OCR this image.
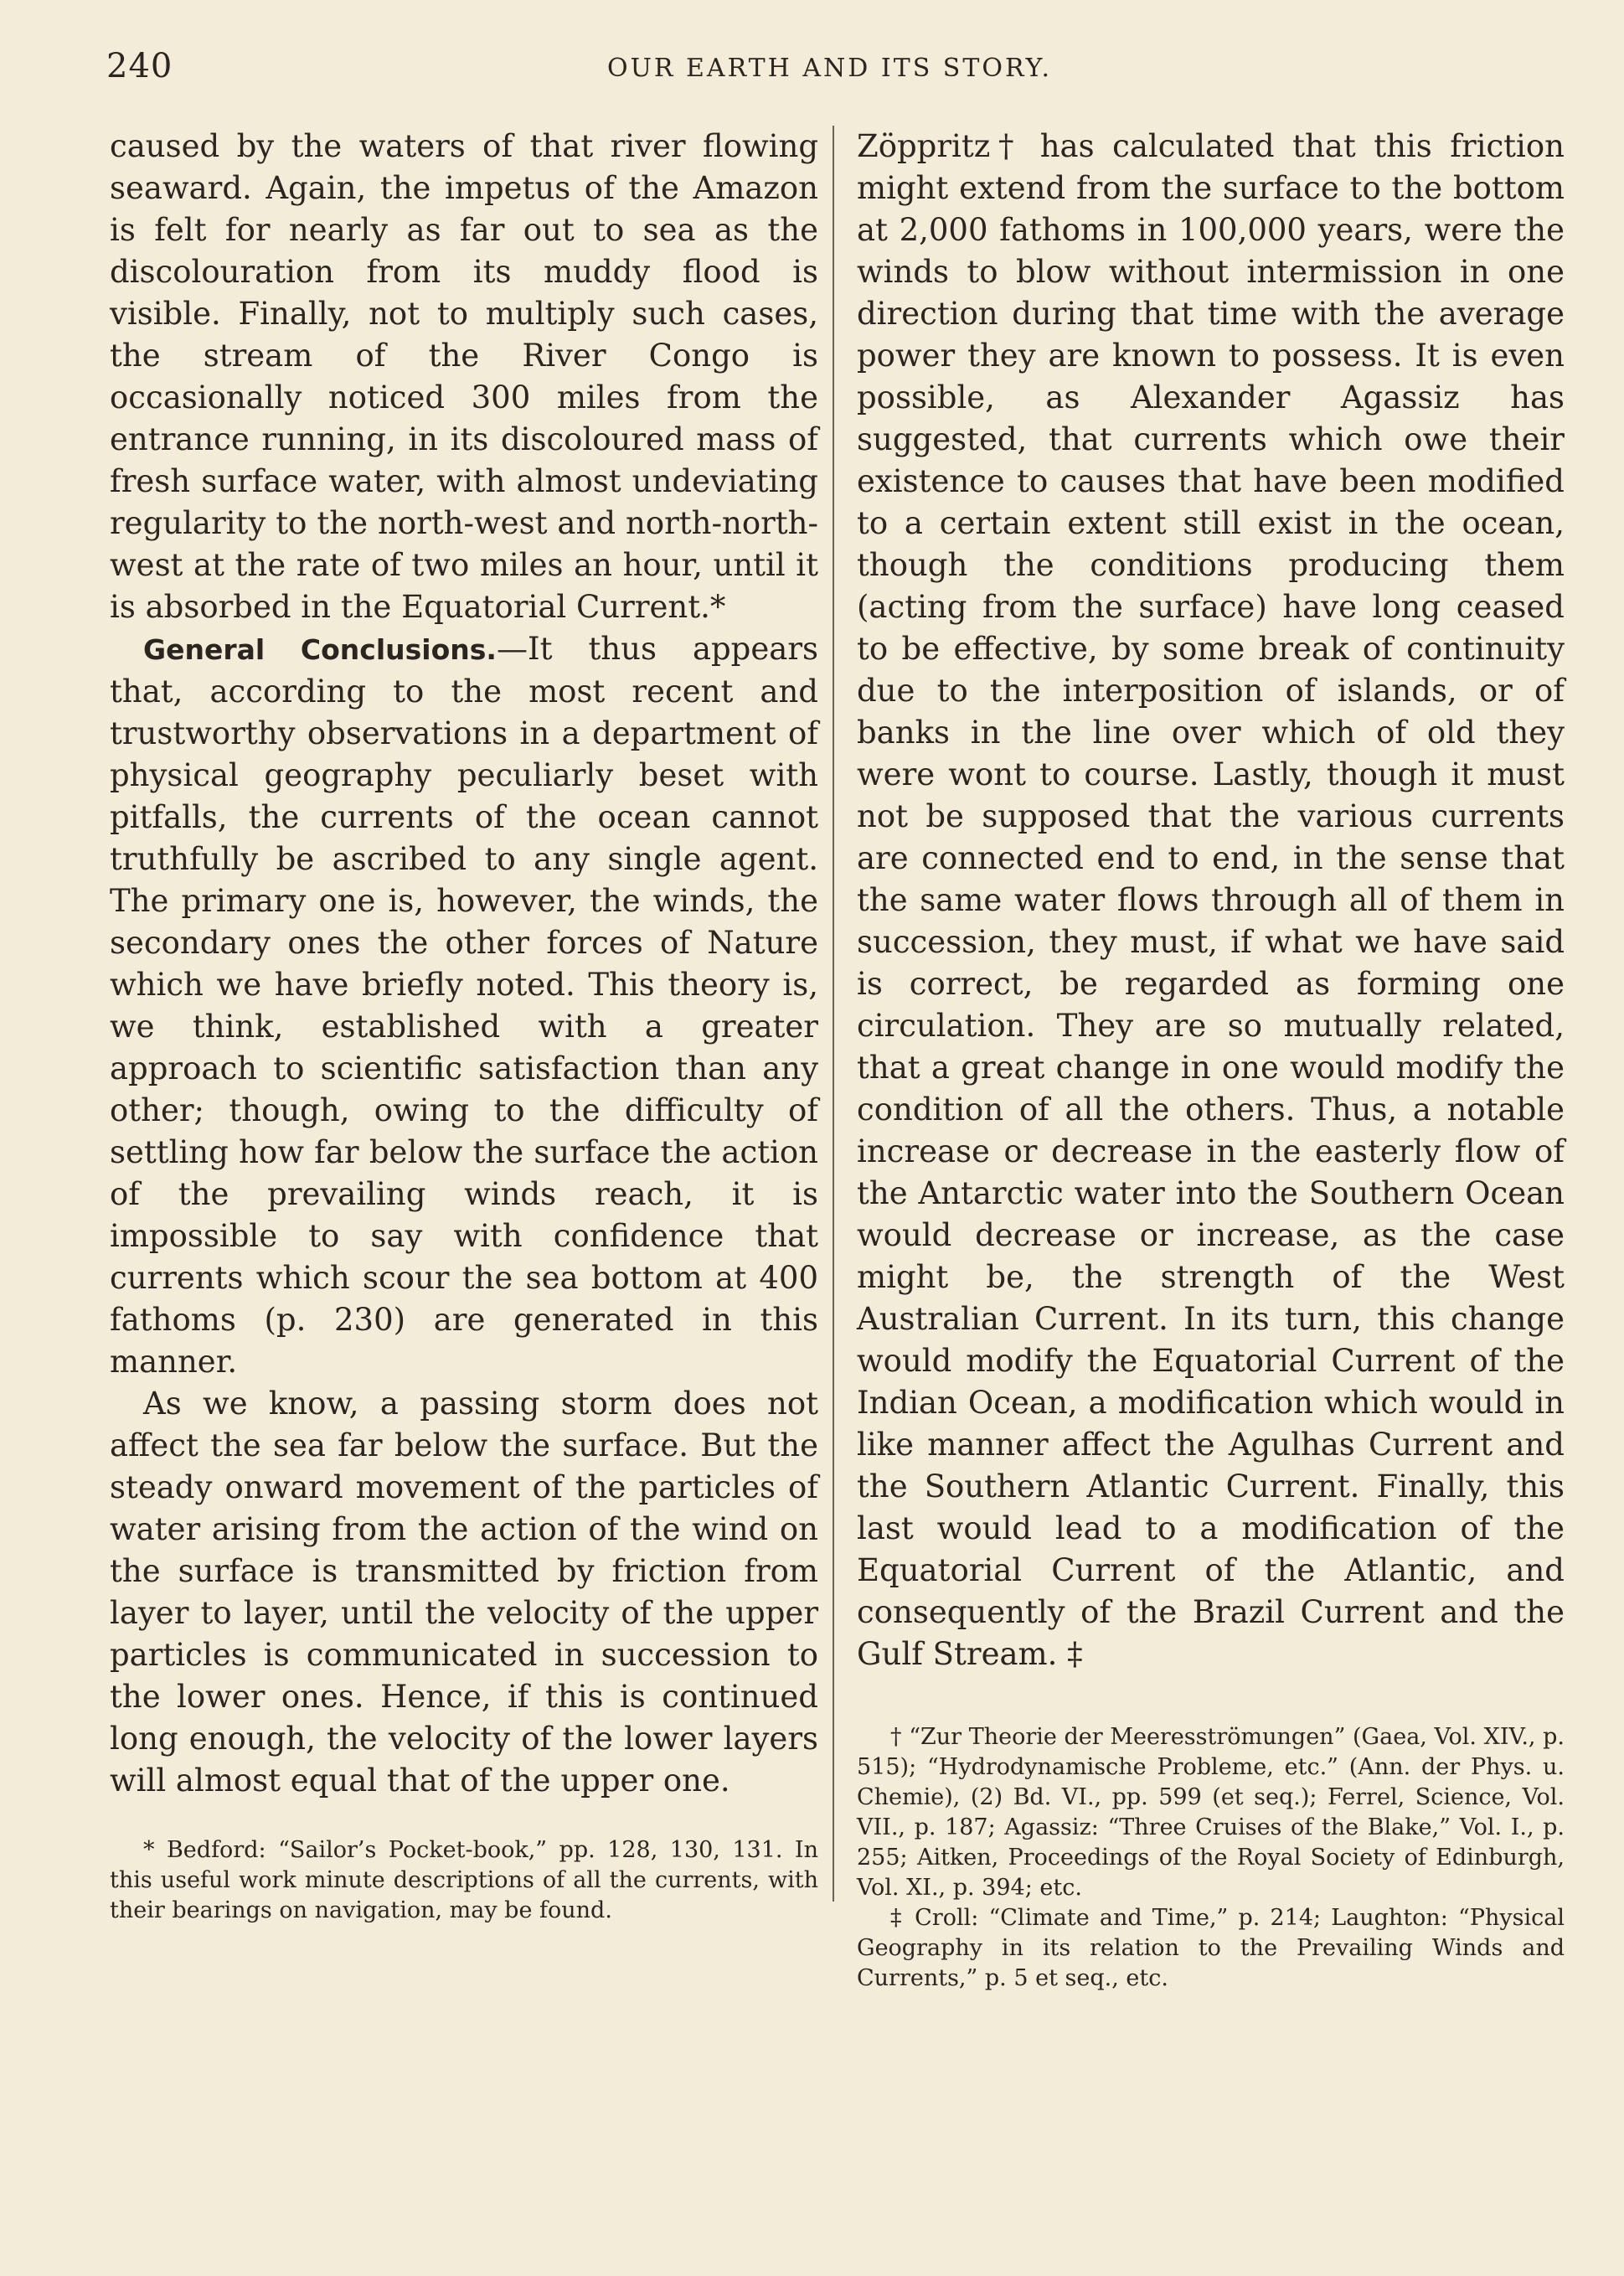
240	OUR EARTH AND ITS STORY.

caused by the waters of that river flowing seaward. Again, the impetus of the Amazon is felt for nearly as far out to sea as the discolouration from its muddy flood is visible. Finally, not to multiply such cases, the stream of the River Congo is occasionally noticed 300 miles from the entrance running, in its discoloured mass of fresh surface water, with almost undeviating regularity to the north-west and north-north-west at the rate of two miles an hour, until it is absorbed in the Equatorial Current.*

General Conclusions.—It thus appears that, according to the most recent and trustworthy observations in a department of physical geography peculiarly beset with pitfalls, the currents of the ocean cannot truthfully be ascribed to any single agent. The primary one is, however, the winds, the secondary ones the other forces of Nature which we have briefly noted. This theory is, we think, established with a greater approach to scientific satisfaction than any other; though, owing to the difficulty of settling how far below the surface the action of the prevailing winds reach, it is impossible to say with confidence that currents which scour the sea bottom at 400 fathoms (p. 230) are generated in this manner.

As we know, a passing storm does not affect the sea far below the surface. But the steady onward movement of the particles of water arising from the action of the wind on the surface is transmitted by friction from layer to layer, until the velocity of the upper particles is communicated in succession to the lower ones. Hence, if this is continued long enough, the velocity of the lower layers will almost equal that of the upper one.

* Bedford: “Sailor’s Pocket-book,” pp. 128, 130, 131. In this useful work minute descriptions of all the currents, with their bearings on navigation, may be found.

Zöppritz† has calculated that this friction might extend from the surface to the bottom at 2,000 fathoms in 100,000 years, were the winds to blow without intermission in one direction during that time with the average power they are known to possess. It is even possible, as Alexander Agassiz has suggested, that currents which owe their existence to causes that have been modified to a certain extent still exist in the ocean, though the conditions producing them (acting from the surface) have long ceased to be effective, by some break of continuity due to the interposition of islands, or of banks in the line over which of old they were wont to course. Lastly, though it must not be supposed that the various currents are connected end to end, in the sense that the same water flows through all of them in succession, they must, if what we have said is correct, be regarded as forming one circulation. They are so mutually related, that a great change in one would modify the condition of all the others. Thus, a notable increase or decrease in the easterly flow of the Antarctic water into the Southern Ocean would decrease or increase, as the case might be, the strength of the West Australian Current. In its turn, this change would modify the Equatorial Current of the Indian Ocean, a modification which would in like manner affect the Agulhas Current and the Southern Atlantic Current. Finally, this last would lead to a modification of the Equatorial Current of the Atlantic, and consequently of the Brazil Current and the Gulf Stream. ‡

† “Zur Theorie der Meeresströmungen” (Gaea, Vol. XIV., p. 515); “Hydrodynamische Probleme, etc.” (Ann. der Phys. u. Chemie), (2) Bd. VI., pp. 599 (et seq.); Ferrel, Science, Vol. VII., p. 187; Agassiz: “Three Cruises of the Blake,” Vol. I., p. 255; Aitken, Proceedings of the Royal Society of Edinburgh, Vol. XI., p. 394; etc.

‡ Croll: “Climate and Time,” p. 214; Laughton: “Physical Geography in its relation to the Prevailing Winds and Currents,” p. 5 et seq., etc.
